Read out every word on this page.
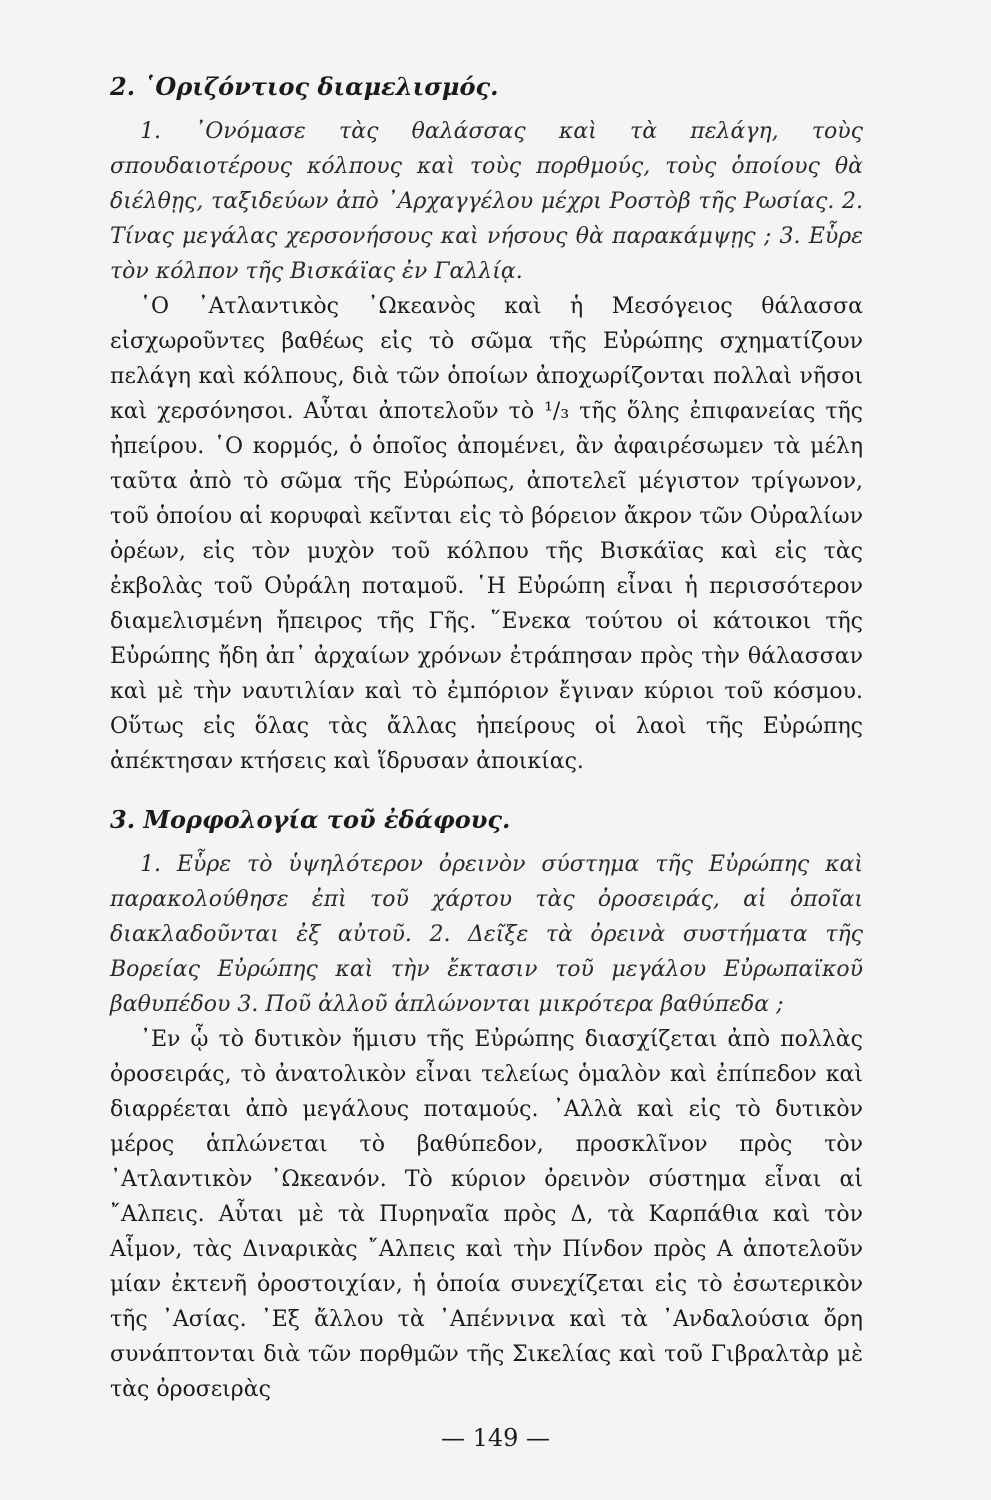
2. ῾Οριζόντιος διαμελισμός.

1. ᾿Ονόμασε τὰς θαλάσσας καὶ τὰ πελάγη, τοὺς σπουδαιοτέρους κόλπους καὶ τοὺς πορθμούς, τοὺς ὁποίους θὰ διέλθῃς, ταξιδεύων ἀπὸ ᾿Αρχαγγέλου μέχρι Ροστὸβ τῆς Ρωσίας. 2. Τίνας μεγάλας χερσονήσους καὶ νήσους θὰ παρακάμψῃς ; 3. Εὗρε τὸν κόλπον τῆς Βισκάϊας ἐν Γαλλίᾳ.

῾Ο ᾿Ατλαντικὸς ᾿Ωκεανὸς καὶ ἡ Μεσόγειος θάλασσα εἰσχωροῦντες βαθέως εἰς τὸ σῶμα τῆς Εὐρώπης σχηματίζουν πελάγη καὶ κόλπους, διὰ τῶν ὁποίων ἀποχωρίζονται πολλαὶ νῆσοι καὶ χερσόνησοι. Αὗται ἀποτελοῦν τὸ ¹/₃ τῆς ὅλης ἐπιφανείας τῆς ἠπείρου. ῾Ο κορμός, ὁ ὁποῖος ἀπομένει, ἂν ἀφαιρέσωμεν τὰ μέλη ταῦτα ἀπὸ τὸ σῶμα τῆς Εὐρώπως, ἀποτελεῖ μέγιστον τρίγωνον, τοῦ ὁποίου αἱ κορυφαὶ κεῖνται εἰς τὸ βόρειον ἄκρον τῶν Οὐραλίων ὀρέων, εἰς τὸν μυχὸν τοῦ κόλπου τῆς Βισκάϊας καὶ εἰς τὰς ἐκβολὰς τοῦ Οὐράλη ποταμοῦ. ῾Η Εὐρώπη εἶναι ἡ περισσότερον διαμελισμένη ἤπειρος τῆς Γῆς. ῞Ενεκα τούτου οἱ κάτοικοι τῆς Εὐρώπης ἤδη ἀπ᾿ ἀρχαίων χρόνων ἐτράπησαν πρὸς τὴν θάλασσαν καὶ μὲ τὴν ναυτιλίαν καὶ τὸ ἐμπόριον ἔγιναν κύριοι τοῦ κόσμου. Οὕτως εἰς ὅλας τὰς ἄλλας ἠπείρους οἱ λαοὶ τῆς Εὐρώπης ἀπέκτησαν κτήσεις καὶ ἵδρυσαν ἀποικίας.

3. Μορφολογία τοῦ ἐδάφους.

1. Εὗρε τὸ ὑψηλότερον ὀρεινὸν σύστημα τῆς Εὐρώπης καὶ παρακολούθησε ἐπὶ τοῦ χάρτου τὰς ὀροσειράς, αἱ ὁποῖαι διακλαδοῦνται ἐξ αὐτοῦ. 2. Δεῖξε τὰ ὀρεινὰ συστήματα τῆς Βορείας Εὐρώπης καὶ τὴν ἔκτασιν τοῦ μεγάλου Εὐρωπαϊκοῦ βαθυπέδου 3. Ποῦ ἀλλοῦ ἁπλώνονται μικρότερα βαθύπεδα ;

᾿Εν ᾧ τὸ δυτικὸν ἥμισυ τῆς Εὐρώπης διασχίζεται ἀπὸ πολλὰς ὀροσειράς, τὸ ἀνατολικὸν εἶναι τελείως ὁμαλὸν καὶ ἐπίπεδον καὶ διαρρέεται ἀπὸ μεγάλους ποταμούς. ᾿Αλλὰ καὶ εἰς τὸ δυτικὸν μέρος ἁπλώνεται τὸ βαθύπεδον, προσκλῖνον πρὸς τὸν ᾿Ατλαντικὸν ᾿Ωκεανόν. Τὸ κύριον ὀρεινὸν σύστημα εἶναι αἱ ῎Αλπεις. Αὗται μὲ τὰ Πυρηναῖα πρὸς Δ, τὰ Καρπάθια καὶ τὸν Αἷμον, τὰς Διναρικὰς ῎Αλπεις καὶ τὴν Πίνδον πρὸς Α ἀποτελοῦν μίαν ἐκτενῆ ὀροστοιχίαν, ἡ ὁποία συνεχίζεται εἰς τὸ ἐσωτερικὸν τῆς ᾿Ασίας. ᾿Εξ ἄλλου τὰ ᾿Απέννινα καὶ τὰ ᾿Ανδαλούσια ὄρη συνάπτονται διὰ τῶν πορθμῶν τῆς Σικελίας καὶ τοῦ Γιβραλτὰρ μὲ τὰς ὀροσειρὰς

— 149 —
